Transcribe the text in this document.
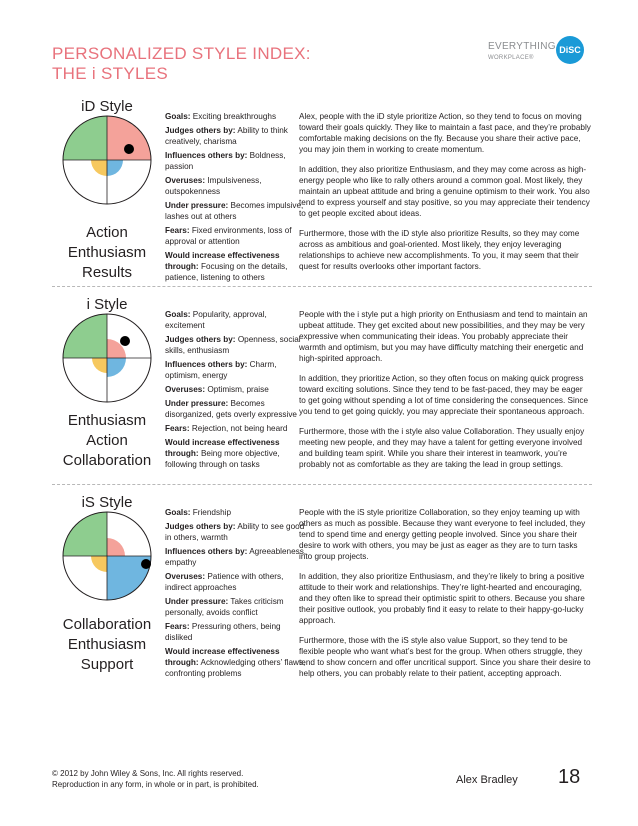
PERSONALIZED STYLE INDEX:
THE i STYLES
EVERYTHING DiSC
WORKPLACE®
iD Style
Action
Enthusiasm
Results

Goals: Exciting breakthroughs

Judges others by: Ability to think creatively, charisma

Influences others by: Boldness, passion

Overuses: Impulsiveness, outspokenness

Under pressure: Becomes impulsive, lashes out at others

Fears: Fixed environments, loss of approval or attention

Would increase effectiveness through: Focusing on the details, patience, listening to others

Alex, people with the iD style prioritize Action, so they tend to focus on moving toward their goals quickly. They like to maintain a fast pace, and they’re probably comfortable making decisions on the fly. Because you share their active pace, you may join them in working to create momentum.

In addition, they also prioritize Enthusiasm, and they may come across as high-energy people who like to rally others around a common goal. Most likely, they maintain an upbeat attitude and bring a genuine optimism to their work. You also tend to express yourself and stay positive, so you may appreciate their tendency to get people excited about ideas.

Furthermore, those with the iD style also prioritize Results, so they may come across as ambitious and goal-oriented. Most likely, they enjoy leveraging relationships to achieve new accomplishments. To you, it may seem that their quest for results overlooks other important factors.

i Style
Enthusiasm
Action
Collaboration

Goals: Popularity, approval, excitement

Judges others by: Openness, social skills, enthusiasm

Influences others by: Charm, optimism, energy

Overuses: Optimism, praise

Under pressure: Becomes disorganized, gets overly expressive

Fears: Rejection, not being heard

Would increase effectiveness through: Being more objective, following through on tasks

People with the i style put a high priority on Enthusiasm and tend to maintain an upbeat attitude. They get excited about new possibilities, and they may be very expressive when communicating their ideas. You probably appreciate their warmth and optimism, but you may have difficulty matching their energetic and high-spirited approach.

In addition, they prioritize Action, so they often focus on making quick progress toward exciting solutions. Since they tend to be fast-paced, they may be eager to get going without spending a lot of time considering the consequences. Since you tend to get going quickly, you may appreciate their spontaneous approach.

Furthermore, those with the i style also value Collaboration. They usually enjoy meeting new people, and they may have a talent for getting everyone involved and building team spirit. While you share their interest in teamwork, you’re probably not as comfortable as they are taking the lead in group settings.

iS Style
Collaboration
Enthusiasm
Support

Goals: Friendship

Judges others by: Ability to see good in others, warmth

Influences others by: Agreeableness, empathy

Overuses: Patience with others, indirect approaches

Under pressure: Takes criticism personally, avoids conflict

Fears: Pressuring others, being disliked

Would increase effectiveness through: Acknowledging others’ flaws, confronting problems

People with the iS style prioritize Collaboration, so they enjoy teaming up with others as much as possible. Because they want everyone to feel included, they tend to spend time and energy getting people involved. Since you share their desire to work with others, you may be just as eager as they are to turn tasks into group projects.

In addition, they also prioritize Enthusiasm, and they’re likely to bring a positive attitude to their work and relationships. They’re light-hearted and encouraging, and they often like to spread their optimistic spirit to others. Because you share their positive outlook, you probably find it easy to relate to their happy-go-lucky approach.

Furthermore, those with the iS style also value Support, so they tend to be flexible people who want what’s best for the group. When others struggle, they tend to show concern and offer uncritical support. Since you share their desire to help others, you can probably relate to their patient, accepting approach.

© 2012 by John Wiley & Sons, Inc. All rights reserved.
Reproduction in any form, in whole or in part, is prohibited.	Alex Bradley 18
